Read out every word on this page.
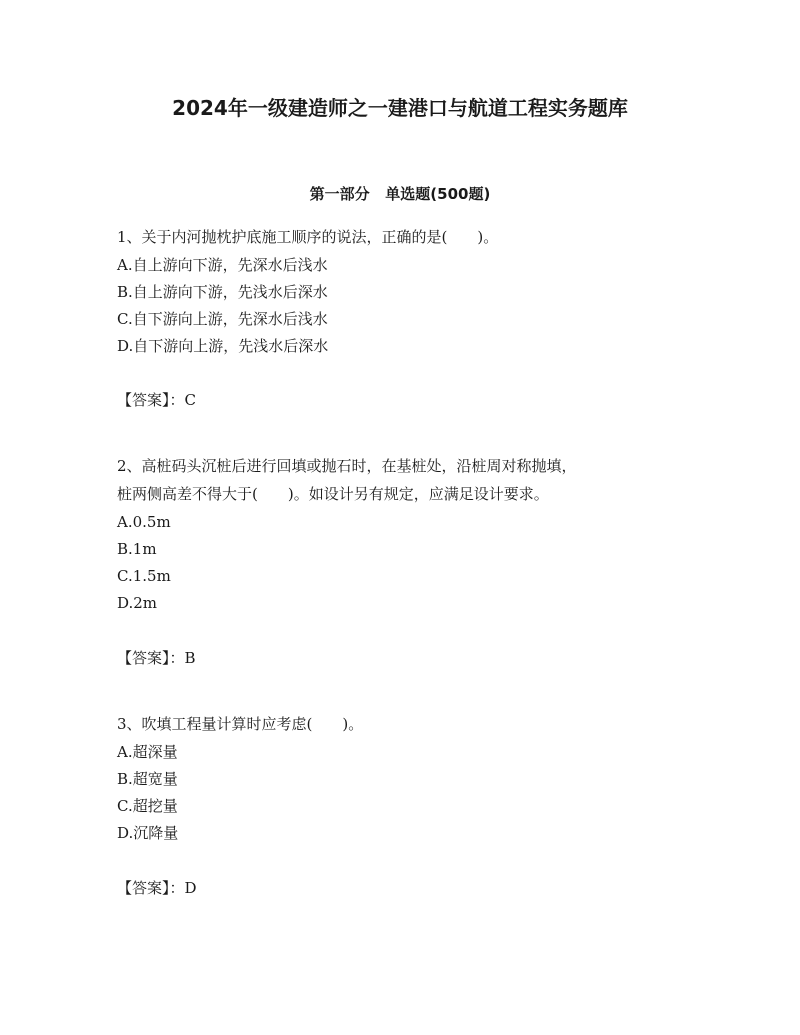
2024年一级建造师之一建港口与航道工程实务题库
第一部分   单选题(500题)

1、关于内河抛枕护底施工顺序的说法，正确的是(　　)。

A.自上游向下游，先深水后浅水

B.自上游向下游，先浅水后深水

C.自下游向上游，先深水后浅水

D.自下游向上游，先浅水后深水

【答案】：C

2、高桩码头沉桩后进行回填或抛石时，在基桩处，沿桩周对称抛填，

桩两侧高差不得大于(　　)。如设计另有规定，应满足设计要求。

A.0.5m

B.1m

C.1.5m

D.2m

【答案】：B

3、吹填工程量计算时应考虑(　　)。

A.超深量

B.超宽量

C.超挖量

D.沉降量

【答案】：D
